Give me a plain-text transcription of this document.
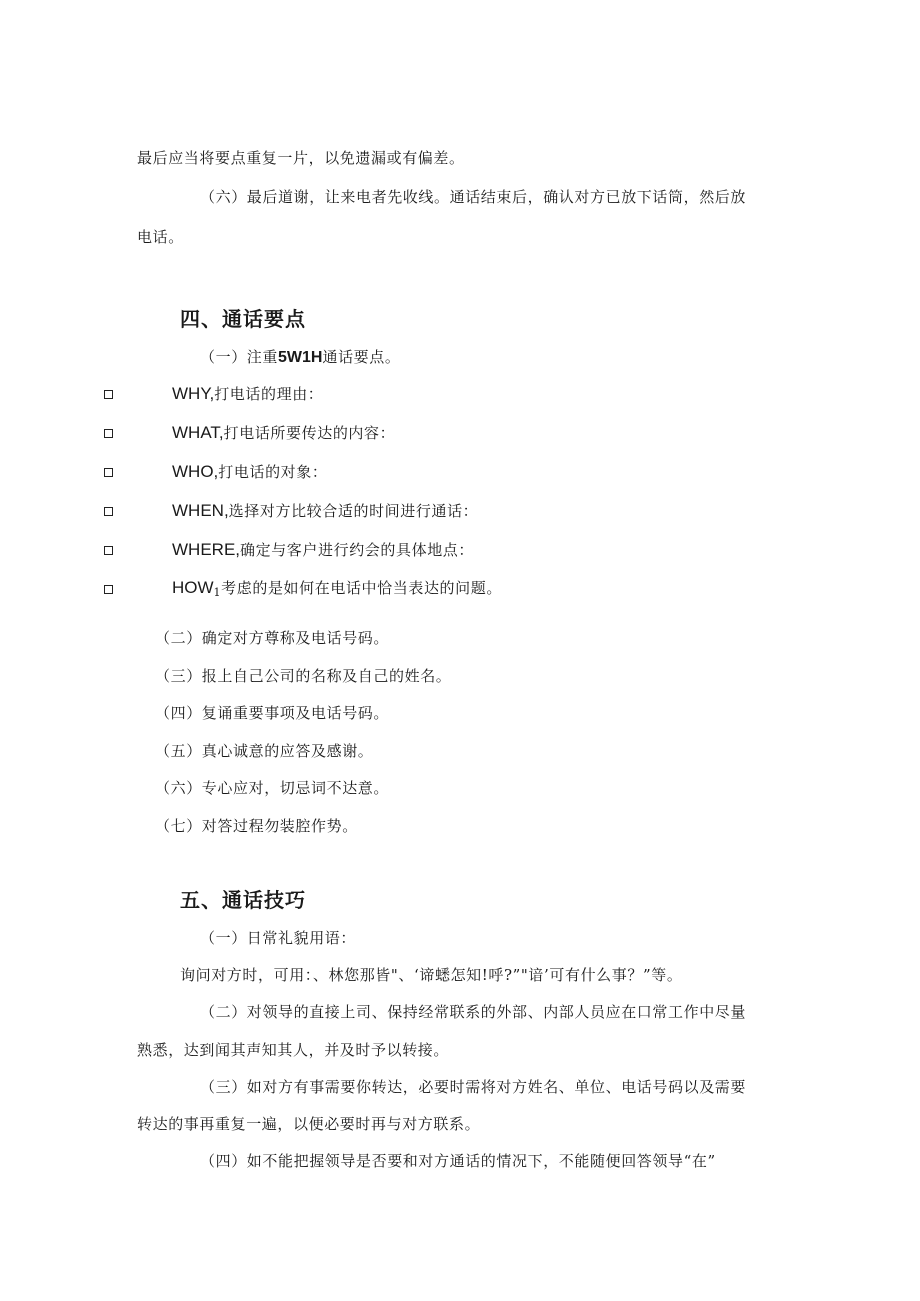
最后应当将要点重复一片，以免遗漏或有偏差。
（六）最后道谢，让来电者先收线。通话结束后，确认对方已放下话筒，然后放
电话。
四、通话要点
（一）注重5W1H通话要点。
WHY,打电话的理由：
WHAT,打电话所要传达的内容：
WHO,打电话的对象：
WHEN,选择对方比较合适的时间进行通话：
WHERE,确定与客户进行约会的具体地点：
$HOW_1$考虑的是如何在电话中恰当表达的问题。
（二）确定对方尊称及电话号码。
（三）报上自己公司的名称及自己的姓名。
（四）复诵重要事项及电话号码。
（五）真心诚意的应答及感谢。
（六）专心应对，切忌词不达意。
（七）对答过程勿装腔作势。
五、通话技巧
（一）日常礼貌用语：
询问对方时，可用：、林您那皆"、‘谛蟋怎知!呼?”"谙’可有什么事？”等。
（二）对领导的直接上司、保持经常联系的外部、内部人员应在口常工作中尽量
熟悉，达到闻其声知其人，并及时予以转接。
（三）如对方有事需要你转达，必要时需将对方姓名、单位、电话号码以及需要
转达的事再重复一遍，以便必要时再与对方联系。
（四）如不能把握领导是否要和对方通话的情况下，不能随便回答领导“在”
